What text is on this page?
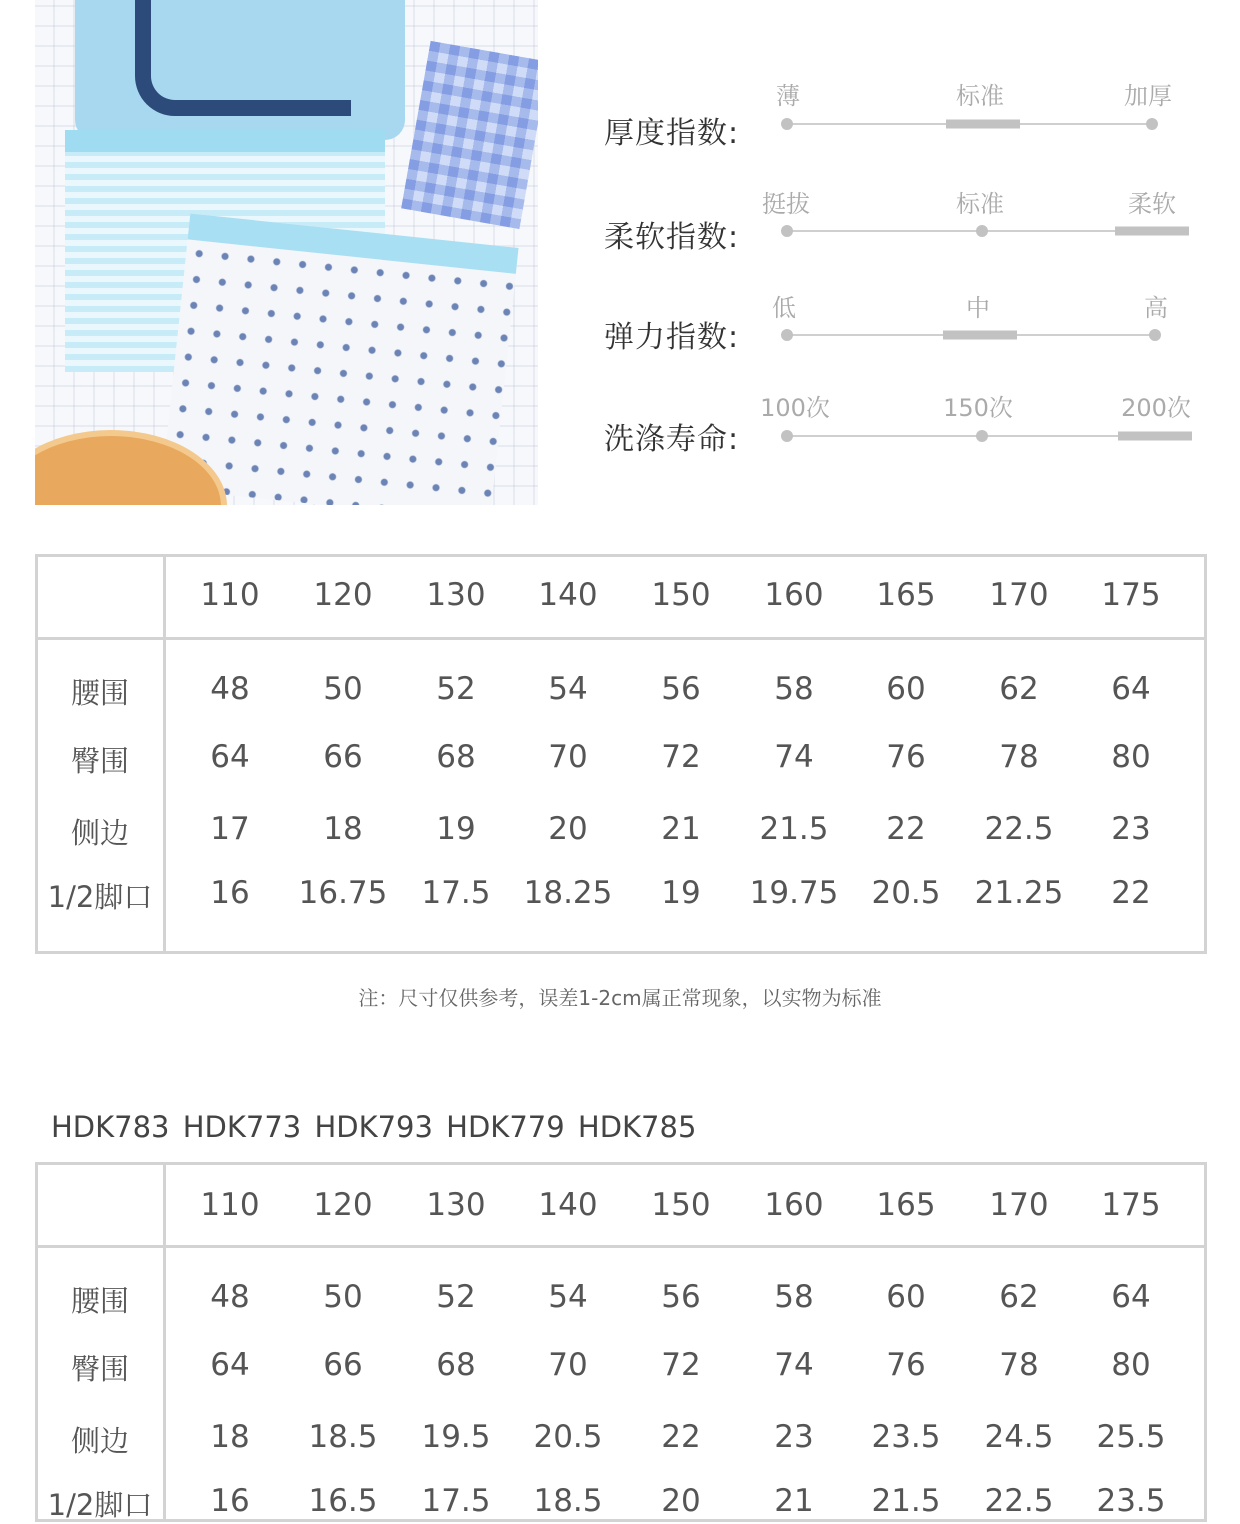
厚度指数:
薄	标准	加厚
柔软指数:
挺拔	标准	柔软
弹力指数:
低	中	高
洗涤寿命:
100次	150次	200次
110 120 130 140 150 160 165 170 175
腰围	48 50 52 54 56 58 60 62 64
臀围	64 66 68 70 72 74 76 78 80
侧边	17 18 19 20 21 21.5 22 22.5 23
1/2脚口 16 16.75 17.5 18.25 19 19.75 20.5 21.25 22
注：尺寸仅供参考，误差1-2cm属正常现象，以实物为标准
HDK783 HDK773 HDK793 HDK779 HDK785
110 120 130 140 150 160 165 170 175
腰围	48 50 52 54 56 58 60 62 64
臀围	64 66 68 70 72 74 76 78 80
侧边	18 18.5 19.5 20.5 22 23 23.5 24.5 25.5
1/2脚口 16 16.5 17.5 18.5 20 21 21.5 22.5 23.5
